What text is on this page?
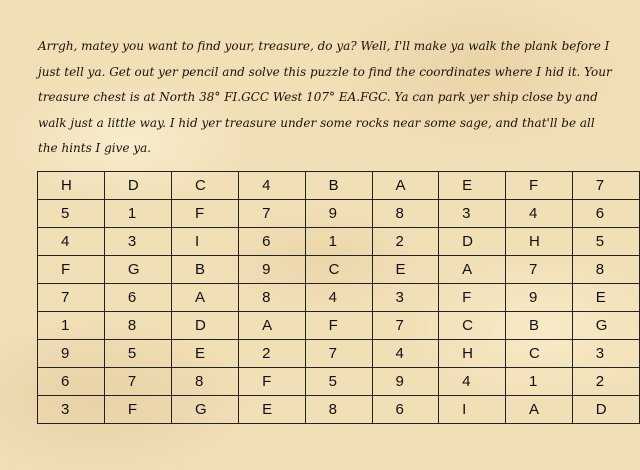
Arrgh, matey you want to find your, treasure, do ya? Well, I'll make ya walk the plank before I just tell ya. Get out yer pencil and solve this puzzle to find the coordinates where I hid it. Your treasure chest is at North 38° FI.GCC West 107° EA.FGC. Ya can park yer ship close by and walk just a little way. I hid yer treasure under some rocks near some sage, and that'll be all the hints I give ya.

H	D	C	4	B	A	E	F	7
5	1	F	7	9	8	3	4	6
4	3	I	6	1	2	D	H	5
F	G	B	9	C	E	A	7	8
7	6	A	8	4	3	F	9	E
1	8	D	A	F	7	C	B	G
9	5	E	2	7	4	H	C	3
6	7	8	F	5	9	4	1	2
3	F	G	E	8	6	I	A	D
